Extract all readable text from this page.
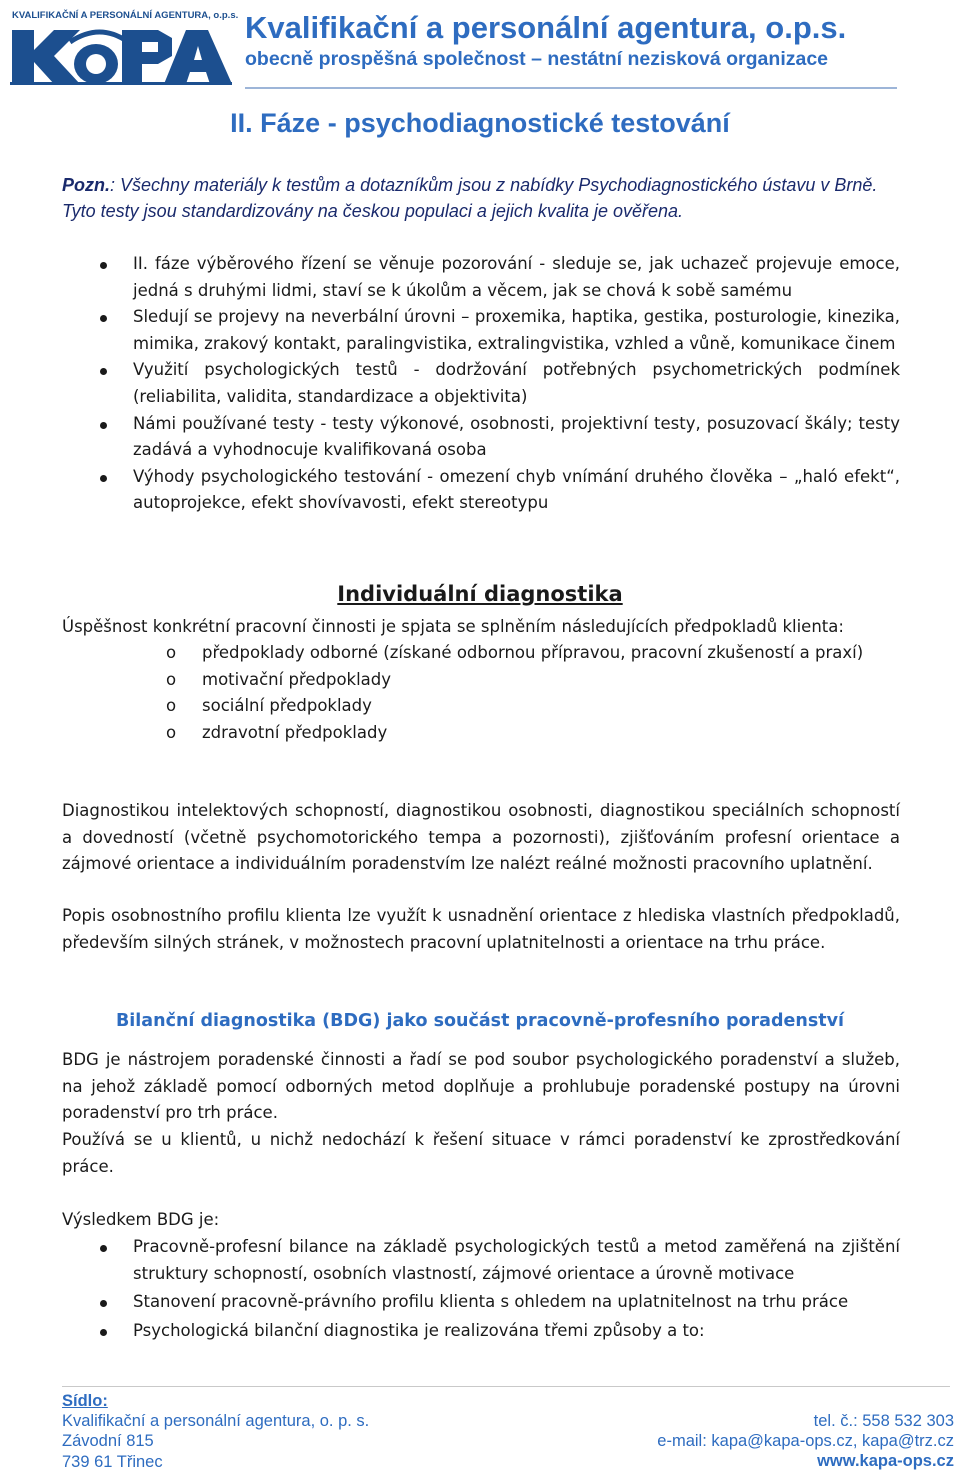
KVALIFIKAČNÍ A PERSONÁLNÍ AGENTURA, o.p.s. Kvalifikační a personální agentura, o.p.s.
obecně prospěšná společnost – nestátní nezisková organizace
II. Fáze - psychodiagnostické testování
Pozn.: Všechny materiály k testům a dotazníkům jsou z nabídky Psychodiagnostického ústavu v Brně. Tyto testy jsou standardizovány na českou populaci a jejich kvalita je ověřena.
II. fáze výběrového řízení se věnuje pozorování - sleduje se, jak uchazeč projevuje emoce, jedná s druhými lidmi, staví se k úkolům a věcem, jak se chová k sobě samému
Sledují se projevy na neverbální úrovni – proxemika, haptika, gestika, posturologie, kinezika, mimika, zrakový kontakt, paralingvistika, extralingvistika, vzhled a vůně, komunikace činem
Využití psychologických testů - dodržování potřebných psychometrických podmínek (reliabilita, validita, standardizace a objektivita)
Námi používané testy - testy výkonové, osobnosti, projektivní testy, posuzovací škály; testy zadává a vyhodnocuje kvalifikovaná osoba
Výhody psychologického testování - omezení chyb vnímání druhého člověka – „haló efekt“, autoprojekce, efekt shovívavosti, efekt stereotypu
Individuální diagnostika
Úspěšnost konkrétní pracovní činnosti je spjata se splněním následujících předpokladů klienta:
o předpoklady odborné (získané odbornou přípravou, pracovní zkušeností a praxí)
o motivační předpoklady
o sociální předpoklady
o zdravotní předpoklady
Diagnostikou intelektových schopností, diagnostikou osobnosti, diagnostikou speciálních schopností a dovedností (včetně psychomotorického tempa a pozornosti), zjišťováním profesní orientace a zájmové orientace a individuálním poradenstvím lze nalézt reálné možnosti pracovního uplatnění.
Popis osobnostního profilu klienta lze využít k usnadnění orientace z hlediska vlastních předpokladů, především silných stránek, v možnostech pracovní uplatnitelnosti a orientace na trhu práce.
Bilanční diagnostika (BDG) jako součást pracovně-profesního poradenství
BDG je nástrojem poradenské činnosti a řadí se pod soubor psychologického poradenství a služeb, na jehož základě pomocí odborných metod doplňuje a prohlubuje poradenské postupy na úrovni poradenství pro trh práce.
Používá se u klientů, u nichž nedochází k řešení situace v rámci poradenství ke zprostředkování práce.
Výsledkem BDG je:
Pracovně-profesní bilance na základě psychologických testů a metod zaměřená na zjištění struktury schopností, osobních vlastností, zájmové orientace a úrovně motivace
Stanovení pracovně-právního profilu klienta s ohledem na uplatnitelnost na trhu práce
Psychologická bilanční diagnostika je realizována třemi způsoby a to:
Sídlo:
Kvalifikační a personální agentura, o. p. s.
Závodní 815
739 61 Třinec
tel. č.: 558 532 303
e-mail: kapa@kapa-ops.cz, kapa@trz.cz
www.kapa-ops.cz
